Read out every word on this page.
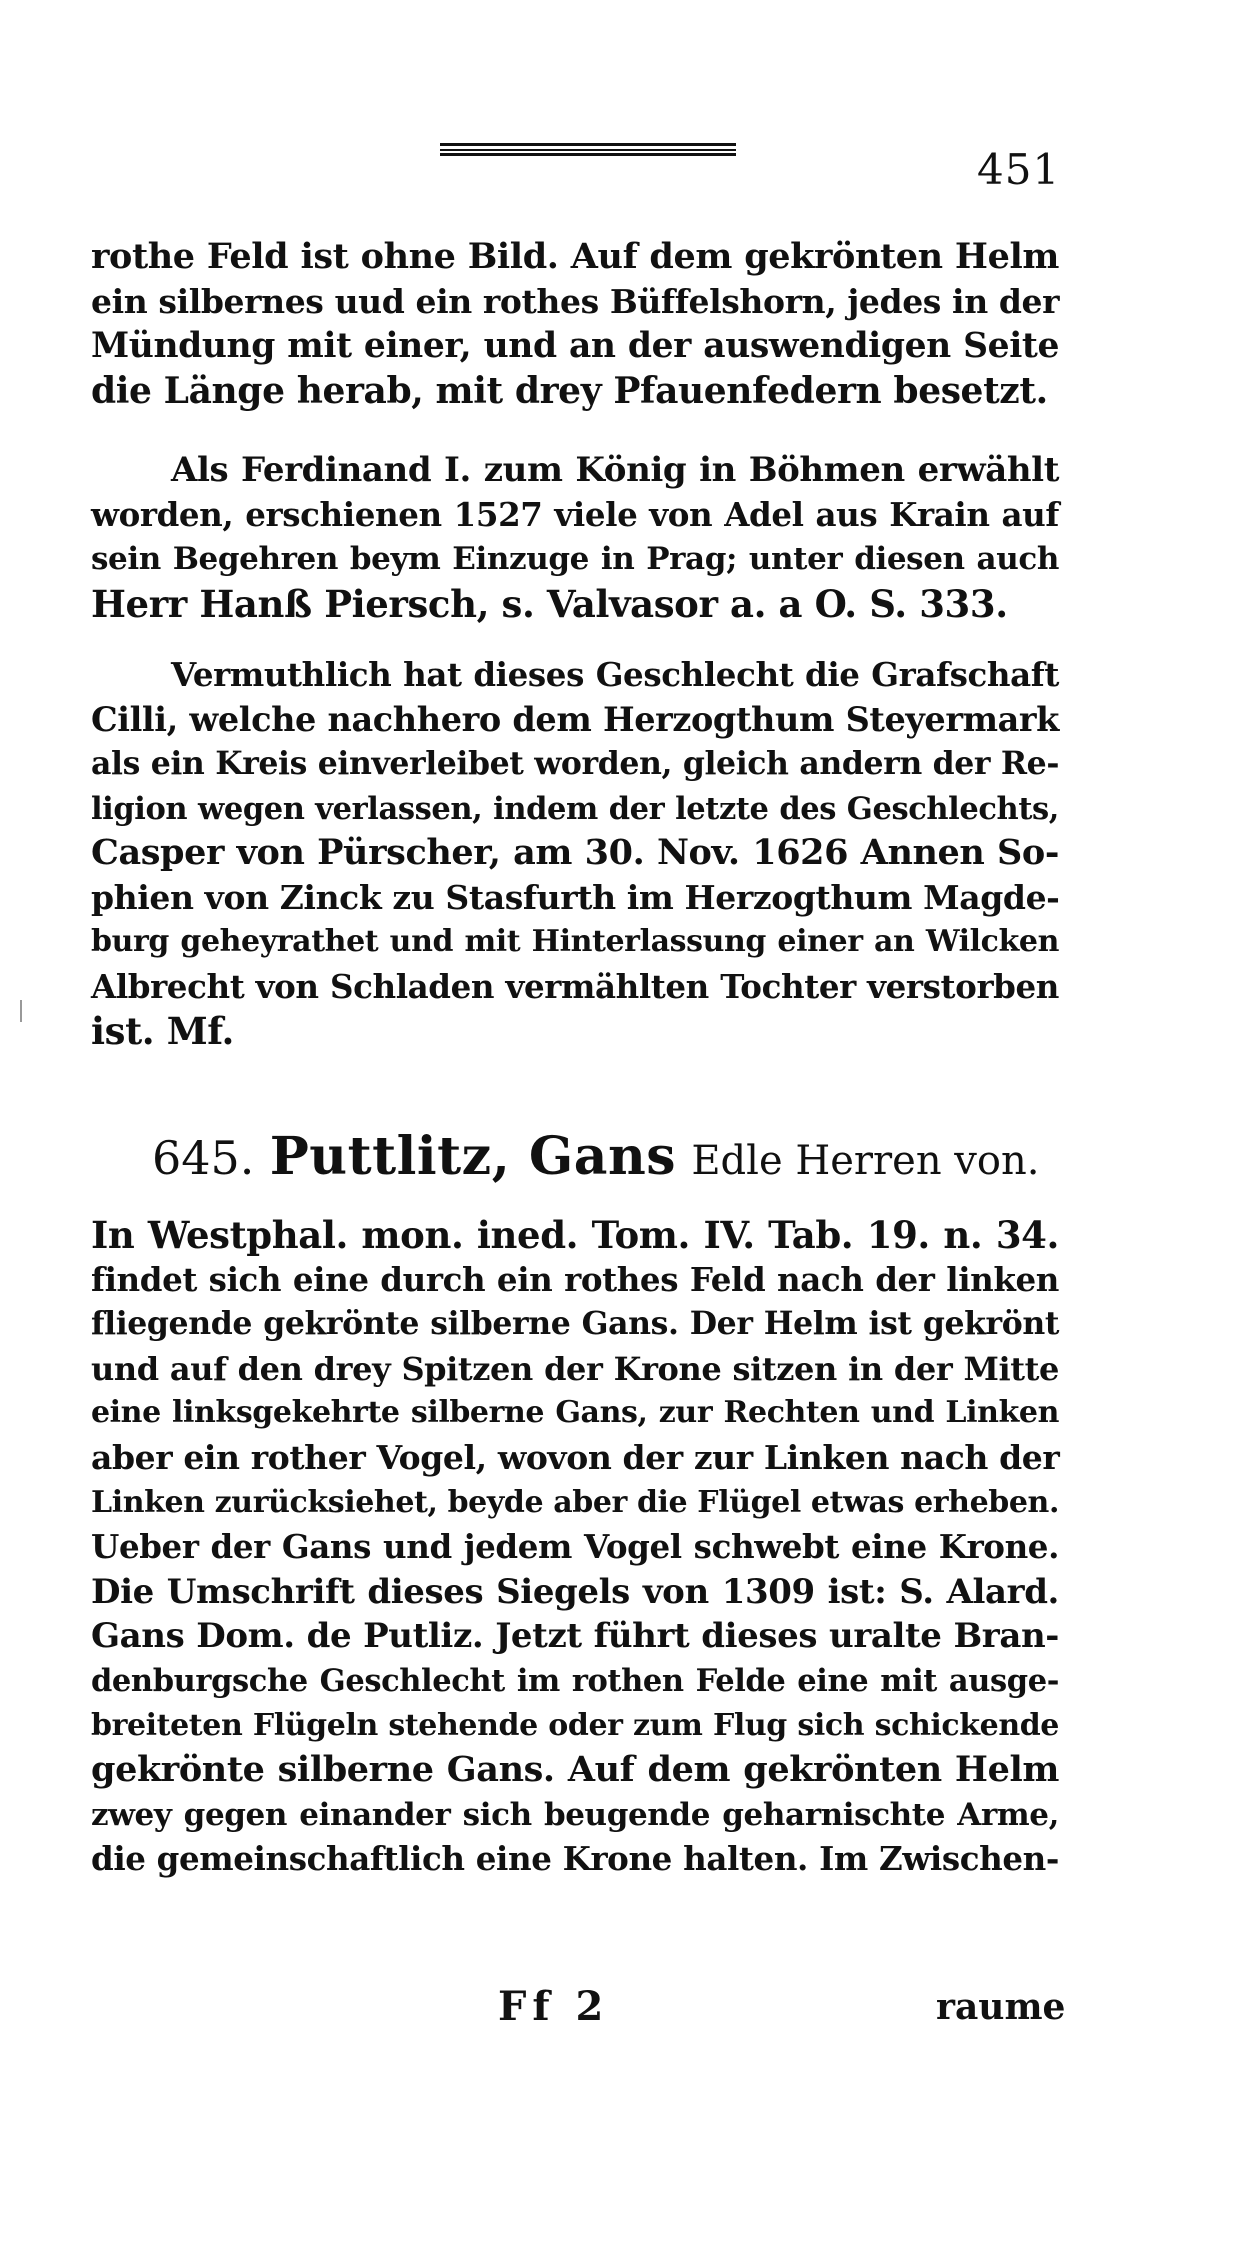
451
rothe Feld ist ohne Bild. Auf dem gekrönten Helm
ein silbernes uud ein rothes Büffelshorn, jedes in der
Mündung mit einer, und an der auswendigen Seite
die Länge herab, mit drey Pfauenfedern besetzt.
Als Ferdinand I. zum König in Böhmen erwählt
worden, erschienen 1527 viele von Adel aus Krain auf
sein Begehren beym Einzuge in Prag; unter diesen auch
Herr Hanß Piersch, s. Valvasor a. a O. S. 333.
Vermuthlich hat dieses Geschlecht die Grafschaft
Cilli, welche nachhero dem Herzogthum Steyermark
als ein Kreis einverleibet worden, gleich andern der Re-
ligion wegen verlassen, indem der letzte des Geschlechts,
Casper von Pürscher, am 30. Nov. 1626 Annen So-
phien von Zinck zu Stasfurth im Herzogthum Magde-
burg geheyrathet und mit Hinterlassung einer an Wilcken
Albrecht von Schladen vermählten Tochter verstorben
ist. Mf.
645. Puttlitz, Gans Edle Herren von.
In Westphal. mon. ined. Tom. IV. Tab. 19. n. 34.
findet sich eine durch ein rothes Feld nach der linken
fliegende gekrönte silberne Gans. Der Helm ist gekrönt
und auf den drey Spitzen der Krone sitzen in der Mitte
eine linksgekehrte silberne Gans, zur Rechten und Linken
aber ein rother Vogel, wovon der zur Linken nach der
Linken zurücksiehet, beyde aber die Flügel etwas erheben.
Ueber der Gans und jedem Vogel schwebt eine Krone.
Die Umschrift dieses Siegels von 1309 ist: S. Alard.
Gans Dom. de Putliz. Jetzt führt dieses uralte Bran-
denburgsche Geschlecht im rothen Felde eine mit ausge-
breiteten Flügeln stehende oder zum Flug sich schickende
gekrönte silberne Gans. Auf dem gekrönten Helm
zwey gegen einander sich beugende geharnischte Arme,
die gemeinschaftlich eine Krone halten. Im Zwischen-
Ff 2	raume
